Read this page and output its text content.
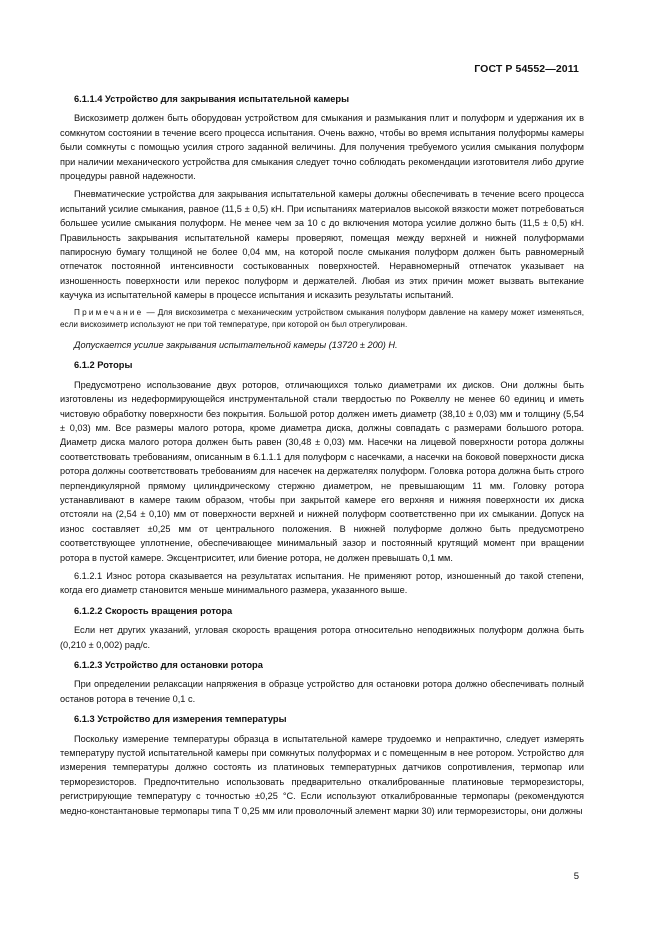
ГОСТ Р 54552—2011
6.1.1.4 Устройство для закрывания испытательной камеры
Вискозиметр должен быть оборудован устройством для смыкания и размыкания плит и полуформ и удержания их в сомкнутом состоянии в течение всего процесса испытания. Очень важно, чтобы во время испытания полуформы камеры были сомкнуты с помощью усилия строго заданной величины. Для получения требуемого усилия смыкания полуформ при наличии механического устройства для смыкания следует точно соблюдать рекомендации изготовителя либо другие процедуры равной надежности.
Пневматические устройства для закрывания испытательной камеры должны обеспечивать в течение всего процесса испытаний усилие смыкания, равное (11,5 ± 0,5) кН. При испытаниях материалов высокой вязкости может потребоваться большее усилие смыкания полуформ. Не менее чем за 10 с до включения мотора усилие должно быть (11,5 ± 0,5) кН. Правильность закрывания испытательной камеры проверяют, помещая между верхней и нижней полуформами папиросную бумагу толщиной не более 0,04 мм, на которой после смыкания полуформ должен быть равномерный отпечаток постоянной интенсивности состыкованных поверхностей. Неравномерный отпечаток указывает на изношенность поверхности или перекос полуформ и держателей. Любая из этих причин может вызвать вытекание каучука из испытательной камеры в процессе испытания и исказить результаты испытаний.
Примечание — Для вискозиметра с механическим устройством смыкания полуформ давление на камеру может изменяться, если вискозиметр используют не при той температуре, при которой он был отрегулирован.
Допускается усилие закрывания испытательной камеры (13720 ± 200) Н.
6.1.2 Роторы
Предусмотрено использование двух роторов, отличающихся только диаметрами их дисков. Они должны быть изготовлены из недеформирующейся инструментальной стали твердостью по Роквеллу не менее 60 единиц и иметь чистовую обработку поверхности без покрытия. Большой ротор должен иметь диаметр (38,10 ± 0,03) мм и толщину (5,54 ± 0,03) мм. Все размеры малого ротора, кроме диаметра диска, должны совпадать с размерами большого ротора. Диаметр диска малого ротора должен быть равен (30,48 ± 0,03) мм. Насечки на лицевой поверхности ротора должны соответствовать требованиям, описанным в 6.1.1.1 для полуформ с насечками, а насечки на боковой поверхности диска ротора должны соответствовать требованиям для насечек на держателях полуформ. Головка ротора должна быть строго перпендикулярной прямому цилиндрическому стержню диаметром, не превышающим 11 мм. Головку ротора устанавливают в камере таким образом, чтобы при закрытой камере его верхняя и нижняя поверхности их диска отстояли на (2,54 ± 0,10) мм от поверхности верхней и нижней полуформ соответственно при их смыкании. Допуск на износ составляет ±0,25 мм от центрального положения. В нижней полуформе должно быть предусмотрено соответствующее уплотнение, обеспечивающее минимальный зазор и постоянный крутящий момент при вращении ротора в пустой камере. Эксцентриситет, или биение ротора, не должен превышать 0,1 мм.
6.1.2.1 Износ ротора сказывается на результатах испытания. Не применяют ротор, изношенный до такой степени, когда его диаметр становится меньше минимального размера, указанного выше.
6.1.2.2 Скорость вращения ротора
Если нет других указаний, угловая скорость вращения ротора относительно неподвижных полуформ должна быть (0,210 ± 0,002) рад/с.
6.1.2.3 Устройство для остановки ротора
При определении релаксации напряжения в образце устройство для остановки ротора должно обеспечивать полный останов ротора в течение 0,1 с.
6.1.3 Устройство для измерения температуры
Поскольку измерение температуры образца в испытательной камере трудоемко и непрактично, следует измерять температуру пустой испытательной камеры при сомкнутых полуформах и с помещенным в нее ротором. Устройство для измерения температуры должно состоять из платиновых температурных датчиков сопротивления, термопар или терморезисторов. Предпочтительно использовать предварительно откалиброванные платиновые терморезисторы, регистрирующие температуру с точностью ±0,25 °С. Если используют откалиброванные термопары (рекомендуются медно-константановые термопары типа Т 0,25 мм или проволочный элемент марки 30) или терморезисторы, они должны
5
